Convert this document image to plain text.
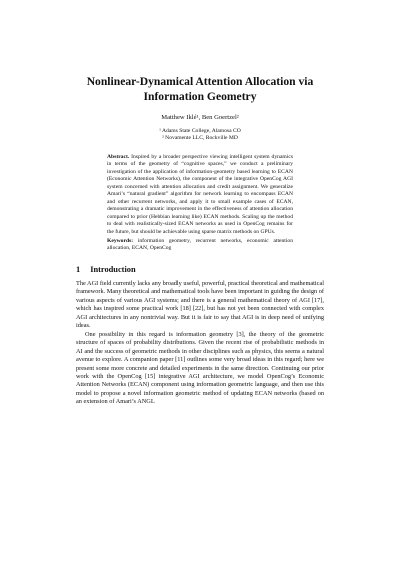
Nonlinear-Dynamical Attention Allocation via Information Geometry
Matthew Iklé¹, Ben Goertzel²
¹ Adams State College, Alamosa CO
² Novamente LLC, Rockville MD
Abstract. Inspired by a broader perspective viewing intelligent system dynamics in terms of the geometry of “cognitive spaces,” we conduct a preliminary investigation of the application of information-geometry based learning to ECAN (Economic Attention Networks), the component of the integrative OpenCog AGI system concerned with attention allocation and credit assignment. We generalize Amari’s “natural gradient” algorithm for network learning to encompass ECAN and other recurrent networks, and apply it to small example cases of ECAN, demonstrating a dramatic improvement in the effectiveness of attention allocation compared to prior (Hebbian learning like) ECAN methods. Scaling up the method to deal with realistically-sized ECAN networks as used in OpenCog remains for the future, but should be achievable using sparse matrix methods on GPUs.
Keywords: information geometry, recurrent networks, economic attention allocation, ECAN, OpenCog
1 Introduction

The AGI field currently lacks any broadly useful, powerful, practical theoretical and mathematical framework. Many theoretical and mathematical tools have been important in guiding the design of various aspects of various AGI systems; and there is a general mathematical theory of AGI [17], which has inspired some practical work [18] [22], but has not yet been connected with complex AGI architectures in any nontrivial way. But it is fair to say that AGI is in deep need of unifying ideas.

One possibility in this regard is information geometry [3], the theory of the geometric structure of spaces of probability distributions. Given the recent rise of probabilistic methods in AI and the success of geometric methods in other disciplines such as physics, this seems a natural avenue to explore. A companion paper [11] outlines some very broad ideas in this regard; here we present some more concrete and detailed experiments in the same direction. Continuing our prior work with the OpenCog [15] integrative AGI architecture, we model OpenCog’s Economic Attention Networks (ECAN) component using information geometric language, and then use this model to propose a novel information geometric method of updating ECAN networks (based on an extension of Amari’s ANGL
